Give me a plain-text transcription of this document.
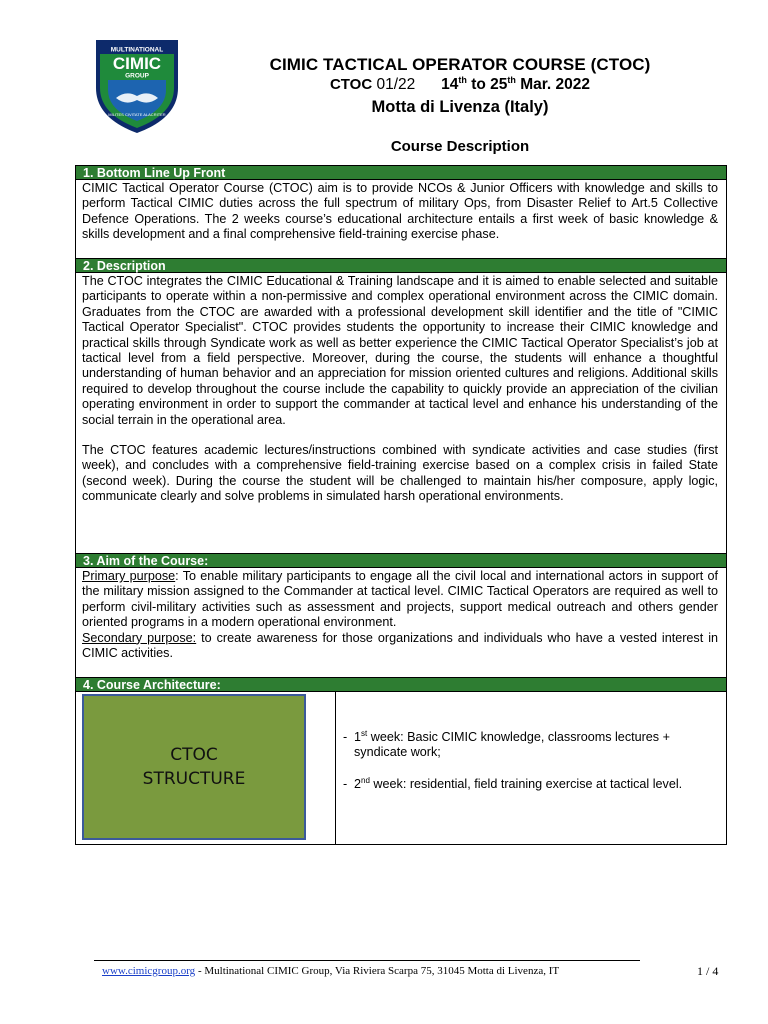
MULTINATIONAL
CIMIC
GROUP
MILITES CIVITATE ALACRITER
CIMIC TACTICAL OPERATOR COURSE (CTOC)
CTOC 01/22 14th to 25th Mar. 2022
Motta di Livenza (Italy)
Course Description
1. Bottom Line Up Front

CIMIC Tactical Operator Course (CTOC) aim is to provide NCOs & Junior Officers with knowledge and skills to perform Tactical CIMIC duties across the full spectrum of military Ops, from Disaster Relief to Art.5 Collective Defence Operations. The 2 weeks course’s educational architecture entails a first week of basic knowledge & skills development and a final comprehensive field-training exercise phase.

2. Description

The CTOC integrates the CIMIC Educational & Training landscape and it is aimed to enable selected and suitable participants to operate within a non-permissive and complex operational environment across the CIMIC domain. Graduates from the CTOC are awarded with a professional development skill identifier and the title of "CIMIC Tactical Operator Specialist". CTOC provides students the opportunity to increase their CIMIC knowledge and practical skills through Syndicate work as well as better experience the CIMIC Tactical Operator Specialist’s job at tactical level from a field perspective. Moreover, during the course, the students will enhance a thoughtful understanding of human behavior and an appreciation for mission oriented cultures and religions. Additional skills required to develop throughout the course include the capability to quickly provide an appreciation of the civilian operating environment in order to support the commander at tactical level and enhance his understanding of the social terrain in the operational area.

The CTOC features academic lectures/instructions combined with syndicate activities and case studies (first week), and concludes with a comprehensive field-training exercise based on a complex crisis in failed State (second week). During the course the student will be challenged to maintain his/her composure, apply logic, communicate clearly and solve problems in simulated harsh operational environments.

3. Aim of the Course:

Primary purpose: To enable military participants to engage all the civil local and international actors in support of the military mission assigned to the Commander at tactical level. CIMIC Tactical Operators are required as well to perform civil-military activities such as assessment and projects, support medical outreach and others gender oriented programs in a modern operational environment.

Secondary purpose: to create awareness for those organizations and individuals who have a vested interest in CIMIC activities.

4. Course Architecture:
CTOC
STRUCTURE
- 1st week: Basic CIMIC knowledge, classrooms lectures + syndicate work;
- 2nd week: residential, field training exercise at tactical level.
www.cimicgroup.org - Multinational CIMIC Group, Via Riviera Scarpa 75, 31045 Motta di Livenza, IT	1 / 4
